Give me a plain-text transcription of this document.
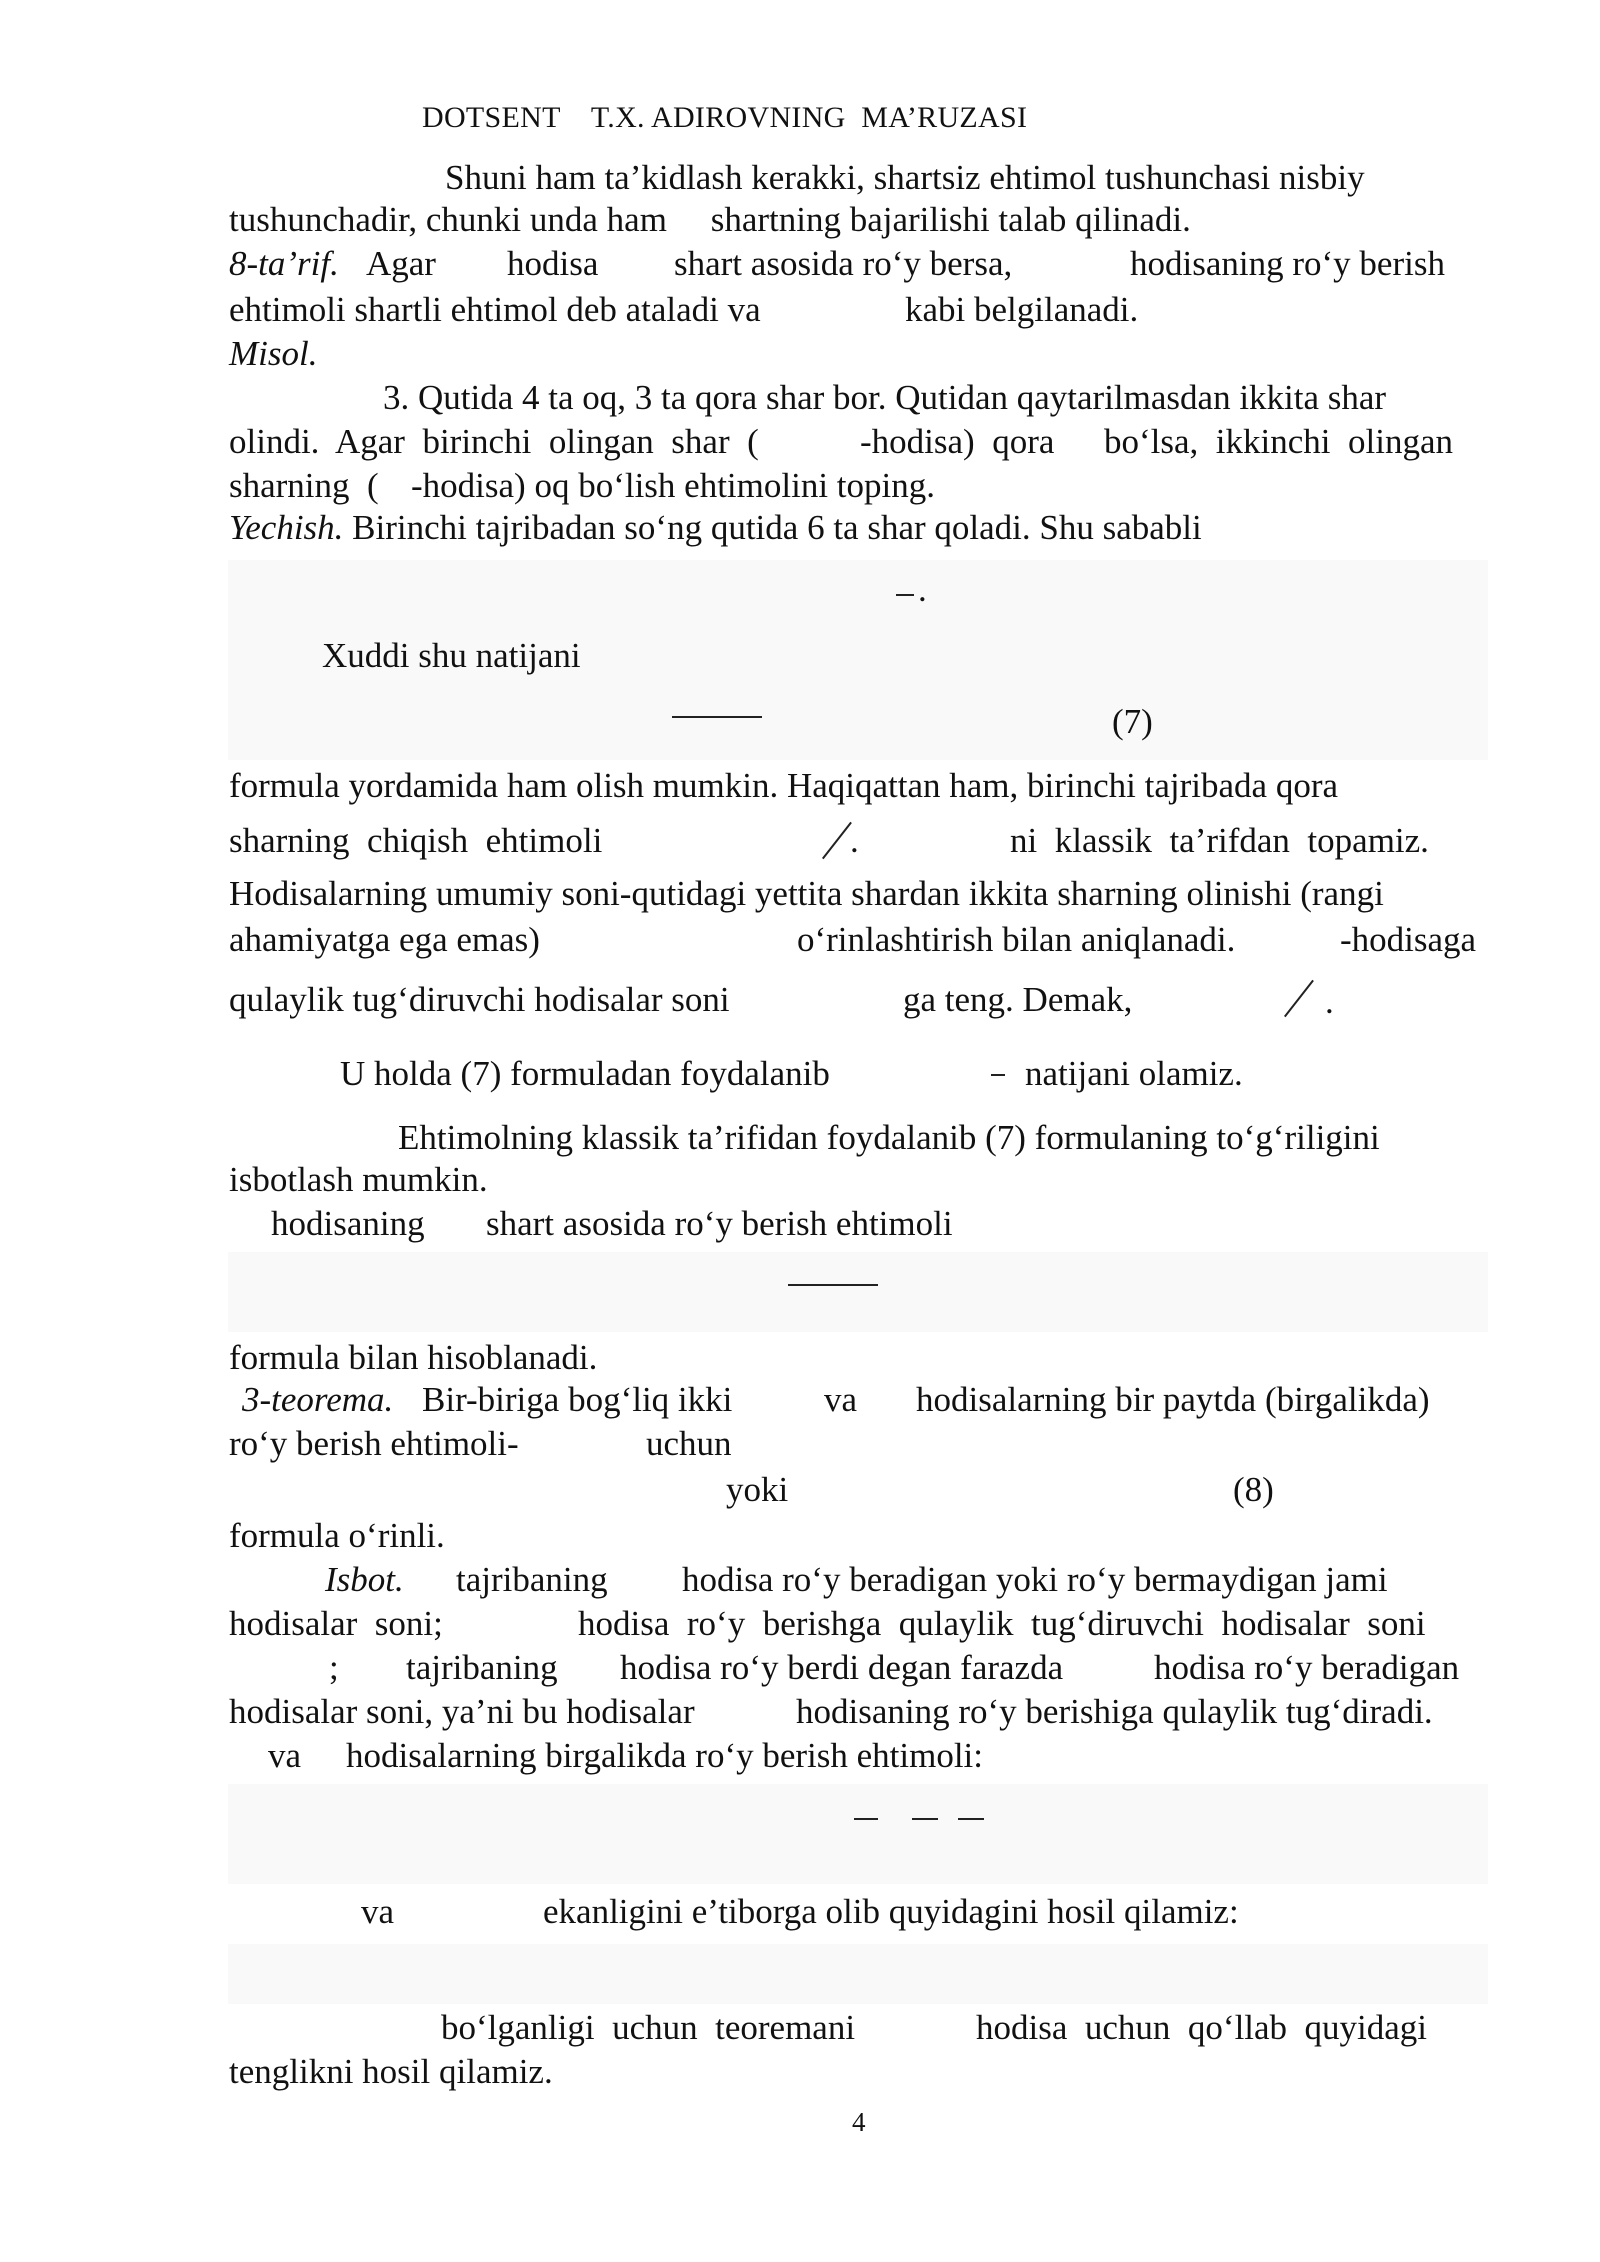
DOTSENT    T.X. ADIROVNING  MA’RUZASI
Shuni ham ta’kidlash kerakki, shartsiz ehtimol tushunchasi nisbiy
tushunchadir, chunki unda ham     shartning bajarilishi talab qilinadi.
8-ta’rif. Agar hodisa shart asosida ro‘y bersa,	hodisaning ro‘y berish
ehtimoli shartli ehtimol deb ataladi va	kabi belgilanadi.
Misol.
3. Qutida 4 ta oq, 3 ta qora shar bor. Qutidan qaytarilmasdan ikkita shar
olindi.  Agar  birinchi  olingan  shar  (	-hodisa)  qora bo‘lsa,  ikkinchi  olingan
sharning  ( -hodisa) oq bo‘lish ehtimolini toping.
Yechish. Birinchi tajribadan so‘ng qutida 6 ta shar qoladi. Shu sababli
.
Xuddi shu natijani
(7)
formula yordamida ham olish mumkin. Haqiqattan ham, birinchi tajribada qora
sharning  chiqish  ehtimoli	.	ni  klassik  ta’rifdan  topamiz.
Hodisalarning umumiy soni-qutidagi yettita shardan ikkita sharning olinishi (rangi
ahamiyatga ega emas)	o‘rinlashtirish bilan aniqlanadi.	-hodisaga
qulaylik tug‘diruvchi hodisalar soni	ga teng. Demak,	.
U holda (7) formuladan foydalanib	natijani olamiz.
Ehtimolning klassik ta’rifidan foydalanib (7) formulaning to‘g‘riligini
isbotlash mumkin.
hodisaning shart asosida ro‘y berish ehtimoli
formula bilan hisoblanadi.
3-teorema. Bir-biriga bog‘liq ikki	va hodisalarning bir paytda (birgalikda)
ro‘y berish ehtimoli-	uchun
yoki	(8)
formula o‘rinli.
Isbot. tajribaning hodisa ro‘y beradigan yoki ro‘y bermaydigan jami
hodisalar  soni;	hodisa  ro‘y  berishga  qulaylik  tug‘diruvchi  hodisalar  soni
; tajribaning hodisa ro‘y berdi degan farazda	hodisa ro‘y beradigan
hodisalar soni, ya’ni bu hodisalar	hodisaning ro‘y berishiga qulaylik tug‘diradi.
va hodisalarning birgalikda ro‘y berish ehtimoli:
va	ekanligini e’tiborga olib quyidagini hosil qilamiz:
bo‘lganligi  uchun  teoremani	hodisa  uchun  qo‘llab  quyidagi
tenglikni hosil qilamiz.
4
